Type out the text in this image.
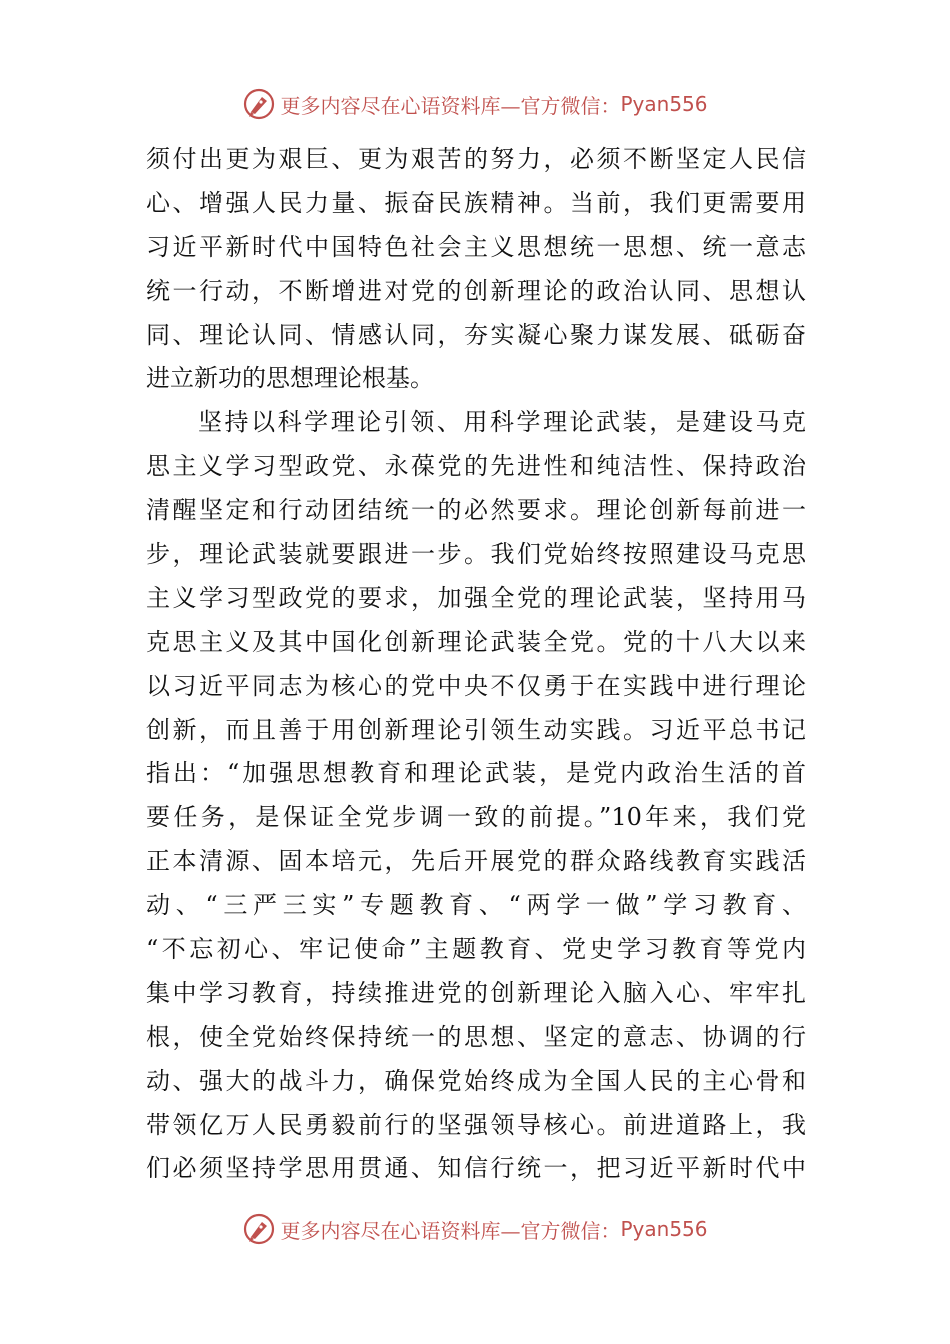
更多内容尽在心语资料库—官方微信： Pyan556
须付出更为艰巨、更为艰苦的努力，必须不断坚定人民信
心、增强人民力量、振奋民族精神。当前，我们更需要用
习近平新时代中国特色社会主义思想统一思想、统一意志
统一行动，不断增进对党的创新理论的政治认同、思想认
同、理论认同、情感认同，夯实凝心聚力谋发展、砥砺奋
进立新功的思想理论根基。
坚持以科学理论引领、用科学理论武装，是建设马克
思主义学习型政党、永葆党的先进性和纯洁性、保持政治
清醒坚定和行动团结统一的必然要求。理论创新每前进一
步，理论武装就要跟进一步。我们党始终按照建设马克思
主义学习型政党的要求，加强全党的理论武装，坚持用马
克思主义及其中国化创新理论武装全党。党的十八大以来
以习近平同志为核心的党中央不仅勇于在实践中进行理论
创新，而且善于用创新理论引领生动实践。习近平总书记
指出：“加强思想教育和理论武装，是党内政治生活的首
要任务，是保证全党步调一致的前提。”10年来，我们党
正本清源、固本培元，先后开展党的群众路线教育实践活
动、“三严三实”专题教育、“两学一做”学习教育、
“不忘初心、牢记使命”主题教育、党史学习教育等党内
集中学习教育，持续推进党的创新理论入脑入心、牢牢扎
根，使全党始终保持统一的思想、坚定的意志、协调的行
动、强大的战斗力，确保党始终成为全国人民的主心骨和
带领亿万人民勇毅前行的坚强领导核心。前进道路上，我
们必须坚持学思用贯通、知信行统一，把习近平新时代中
更多内容尽在心语资料库—官方微信： Pyan556
